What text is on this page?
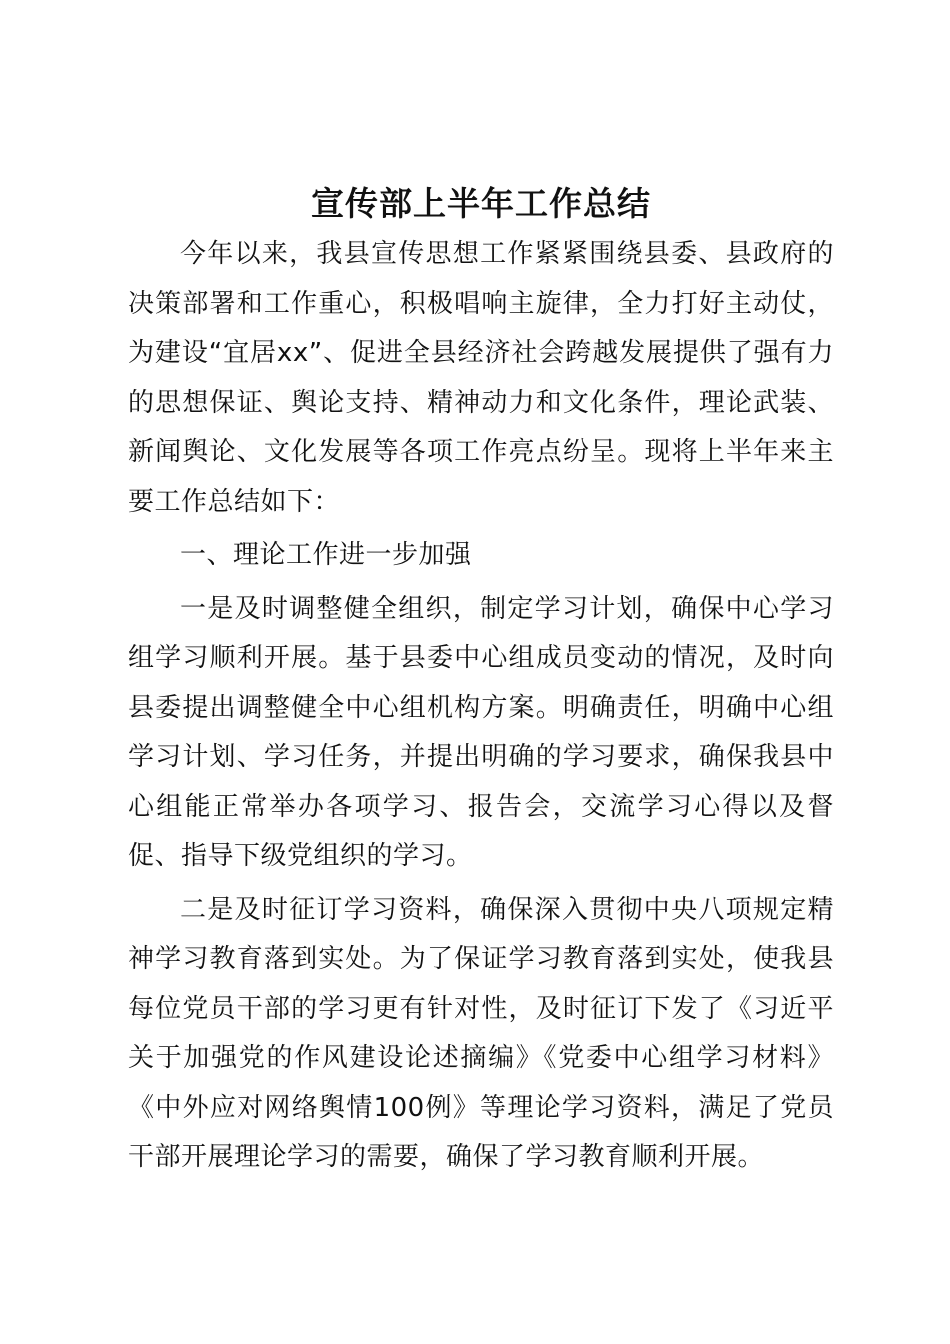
宣传部上半年工作总结

今年以来，我县宣传思想工作紧紧围绕县委、县政府的决策部署和工作重心，积极唱响主旋律，全力打好主动仗，为建设“宜居xx”、促进全县经济社会跨越发展提供了强有力的思想保证、舆论支持、精神动力和文化条件，理论武装、新闻舆论、文化发展等各项工作亮点纷呈。现将上半年来主要工作总结如下：

一、理论工作进一步加强

一是及时调整健全组织，制定学习计划，确保中心学习组学习顺利开展。基于县委中心组成员变动的情况，及时向县委提出调整健全中心组机构方案。明确责任，明确中心组学习计划、学习任务，并提出明确的学习要求，确保我县中心组能正常举办各项学习、报告会，交流学习心得以及督促、指导下级党组织的学习。

二是及时征订学习资料，确保深入贯彻中央八项规定精神学习教育落到实处。为了保证学习教育落到实处，使我县每位党员干部的学习更有针对性，及时征订下发了《习近平关于加强党的作风建设论述摘编》《党委中心组学习材料》《中外应对网络舆情100例》等理论学习资料，满足了党员干部开展理论学习的需要，确保了学习教育顺利开展。
